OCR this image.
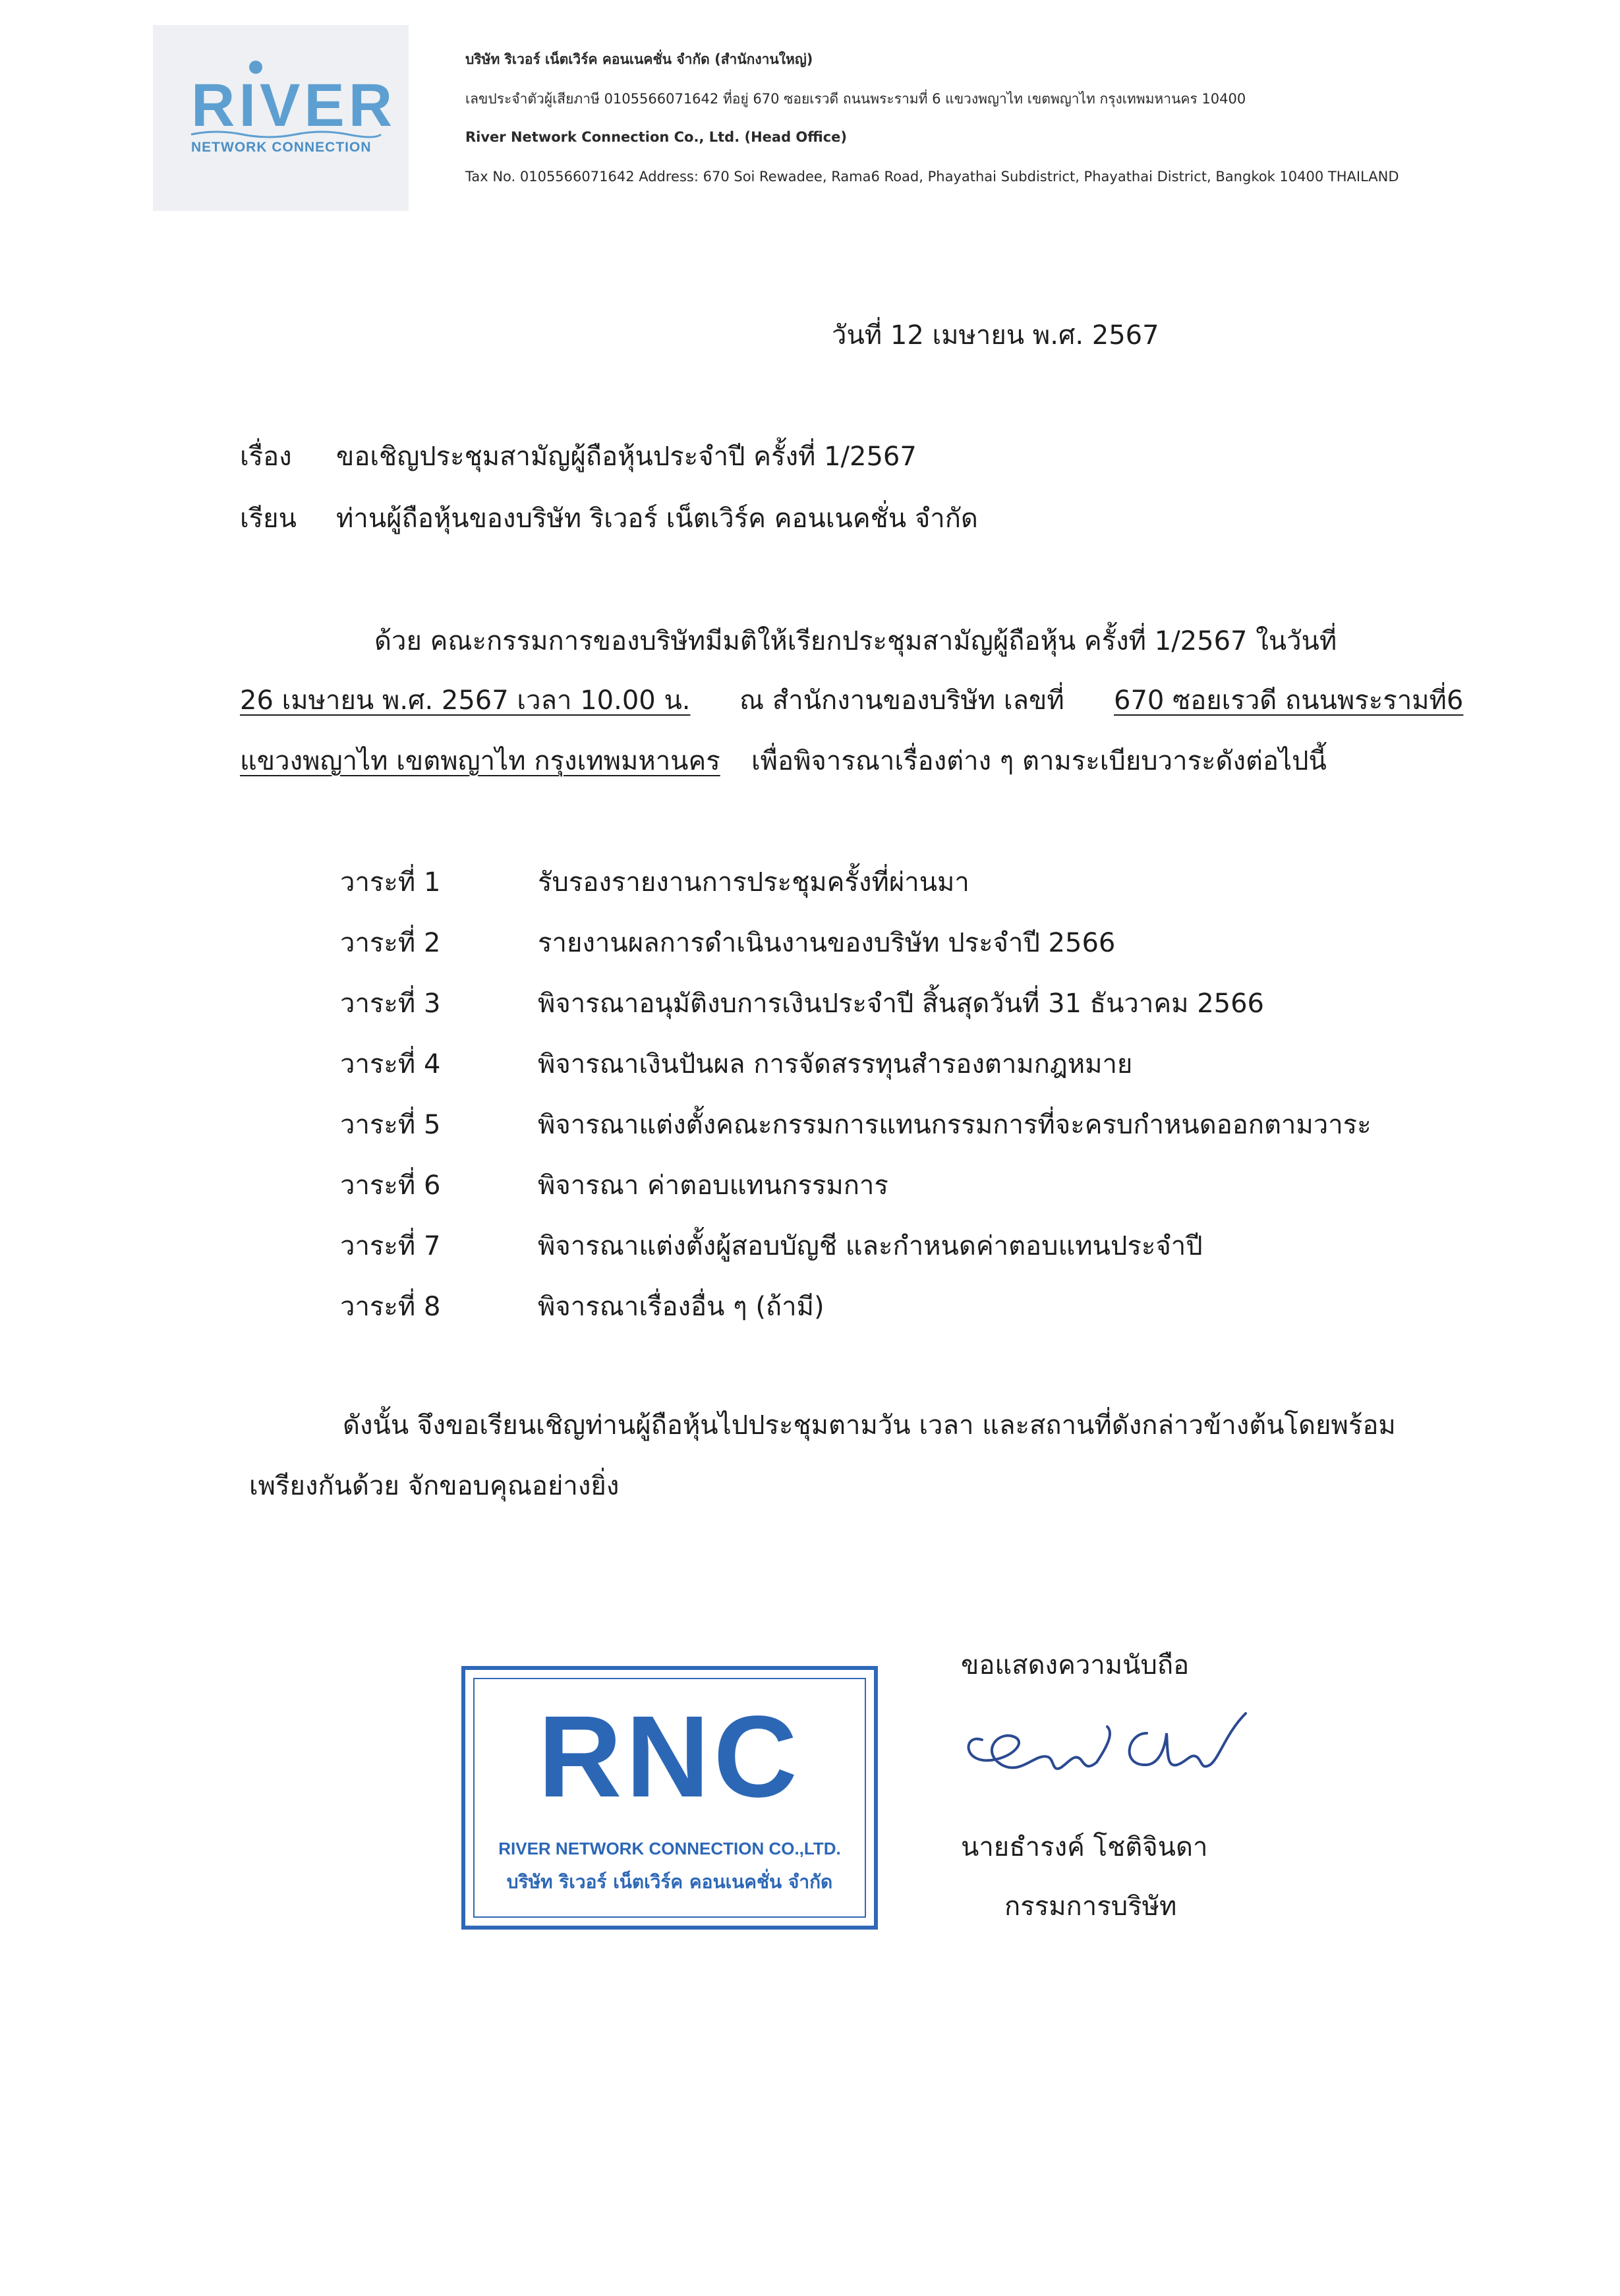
RIVER
NETWORK CONNECTION
บริษัท ริเวอร์ เน็ตเวิร์ค คอนเนคชั่น จำกัด (สำนักงานใหญ่)
เลขประจำตัวผู้เสียภาษี 0105566071642 ที่อยู่ 670 ซอยเรวดี ถนนพระรามที่ 6 แขวงพญาไท เขตพญาไท กรุงเทพมหานคร 10400
River Network Connection Co., Ltd. (Head Office)
Tax No. 0105566071642 Address: 670 Soi Rewadee, Rama6 Road, Phayathai Subdistrict, Phayathai District, Bangkok 10400 THAILAND
วันที่ 12 เมษายน พ.ศ. 2567
เรื่อง ขอเชิญประชุมสามัญผู้ถือหุ้นประจำปี ครั้งที่ 1/2567
เรียน ท่านผู้ถือหุ้นของบริษัท ริเวอร์ เน็ตเวิร์ค คอนเนคชั่น จำกัด
ด้วย คณะกรรมการของบริษัทมีมติให้เรียกประชุมสามัญผู้ถือหุ้น ครั้งที่ 1/2567 ในวันที่
26 เมษายน พ.ศ. 2567 เวลา 10.00 น. ณ สำนักงานของบริษัท เลขที่ 670 ซอยเรวดี ถนนพระรามที่6
แขวงพญาไท เขตพญาไท กรุงเทพมหานคร เพื่อพิจารณาเรื่องต่าง ๆ ตามระเบียบวาระดังต่อไปนี้
วาระที่ 1	รับรองรายงานการประชุมครั้งที่ผ่านมา
วาระที่ 2	รายงานผลการดำเนินงานของบริษัท ประจำปี 2566
วาระที่ 3	พิจารณาอนุมัติงบการเงินประจำปี สิ้นสุดวันที่ 31 ธันวาคม 2566
วาระที่ 4	พิจารณาเงินปันผล การจัดสรรทุนสำรองตามกฎหมาย
วาระที่ 5	พิจารณาแต่งตั้งคณะกรรมการแทนกรรมการที่จะครบกำหนดออกตามวาระ
วาระที่ 6	พิจารณา ค่าตอบแทนกรรมการ
วาระที่ 7	พิจารณาแต่งตั้งผู้สอบบัญชี และกำหนดค่าตอบแทนประจำปี
วาระที่ 8	พิจารณาเรื่องอื่น ๆ (ถ้ามี)
ดังนั้น จึงขอเรียนเชิญท่านผู้ถือหุ้นไปประชุมตามวัน เวลา และสถานที่ดังกล่าวข้างต้นโดยพร้อม
เพรียงกันด้วย จักขอบคุณอย่างยิ่ง
ขอแสดงความนับถือ
นายธำรงค์ โชติจินดา
กรรมการบริษัท
RNC
RIVER NETWORK CONNECTION CO.,LTD.
บริษัท ริเวอร์ เน็ตเวิร์ค คอนเนคชั่น จำกัด
